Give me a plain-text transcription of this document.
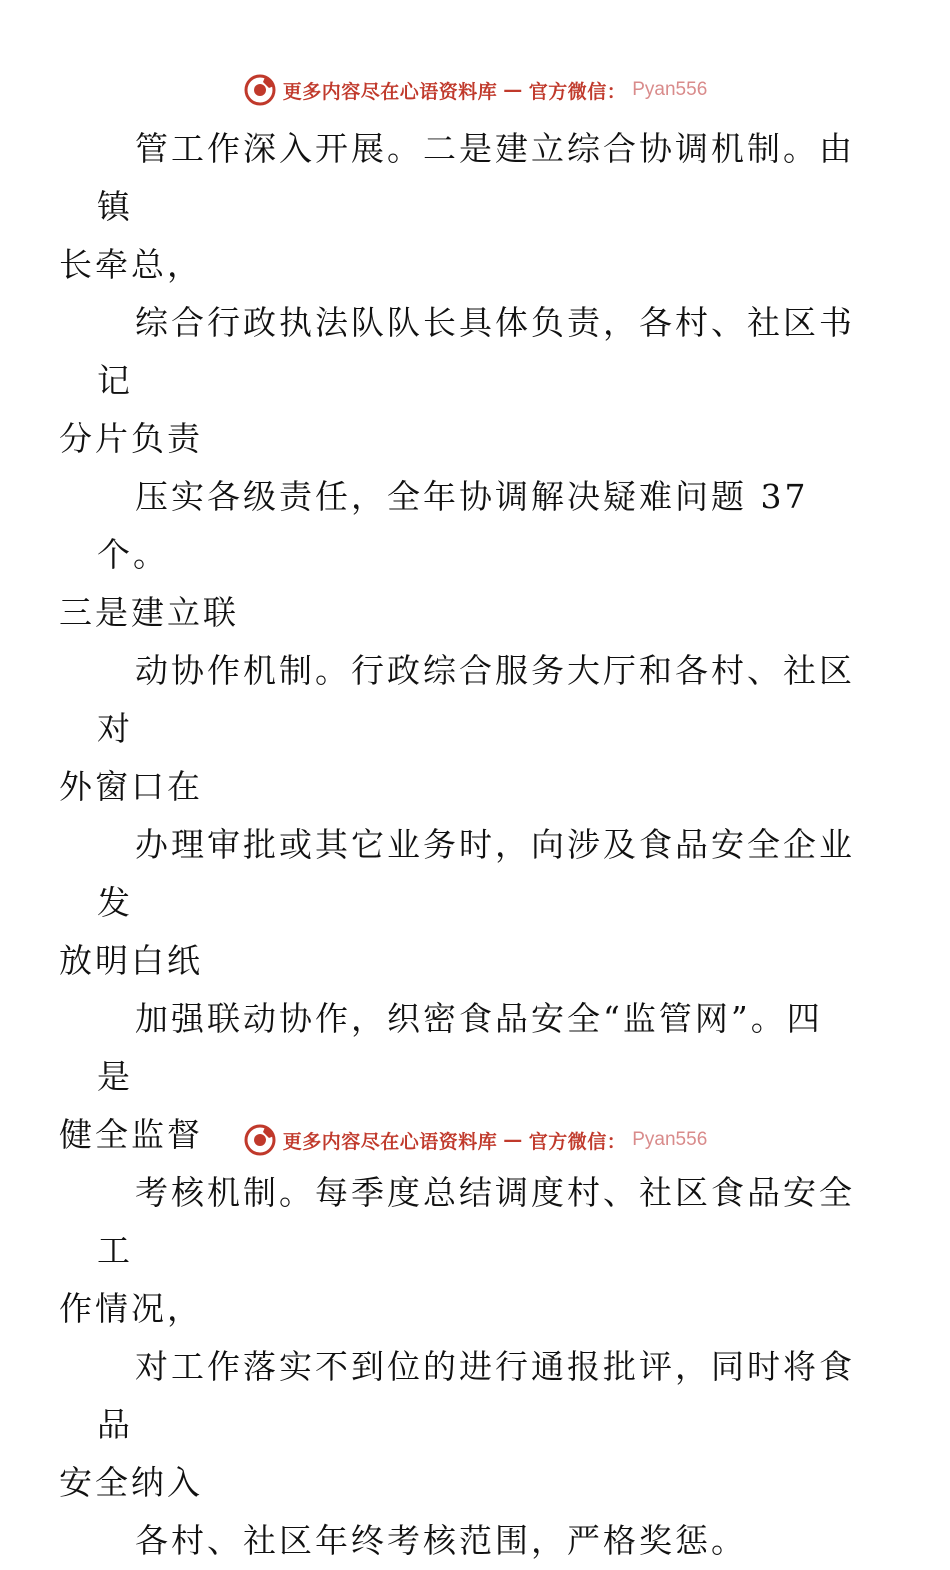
更多内容尽在心语资料库 — 官方微信： Pyan556

管工作深入开展。二是建立综合协调机制。由镇
长牵总，

综合行政执法队队长具体负责，各村、社区书记
分片负责

压实各级责任，全年协调解决疑难问题 37 个。
三是建立联

动协作机制。行政综合服务大厅和各村、社区对
外窗口在

办理审批或其它业务时，向涉及食品安全企业发
放明白纸

加强联动协作，织密食品安全“监管网”。四是
健全监督

考核机制。每季度总结调度村、社区食品安全工
作情况，

对工作落实不到位的进行通报批评，同时将食品
安全纳入

各村、社区年终考核范围，严格奖惩。

更多内容尽在心语资料库 — 官方微信： Pyan556
